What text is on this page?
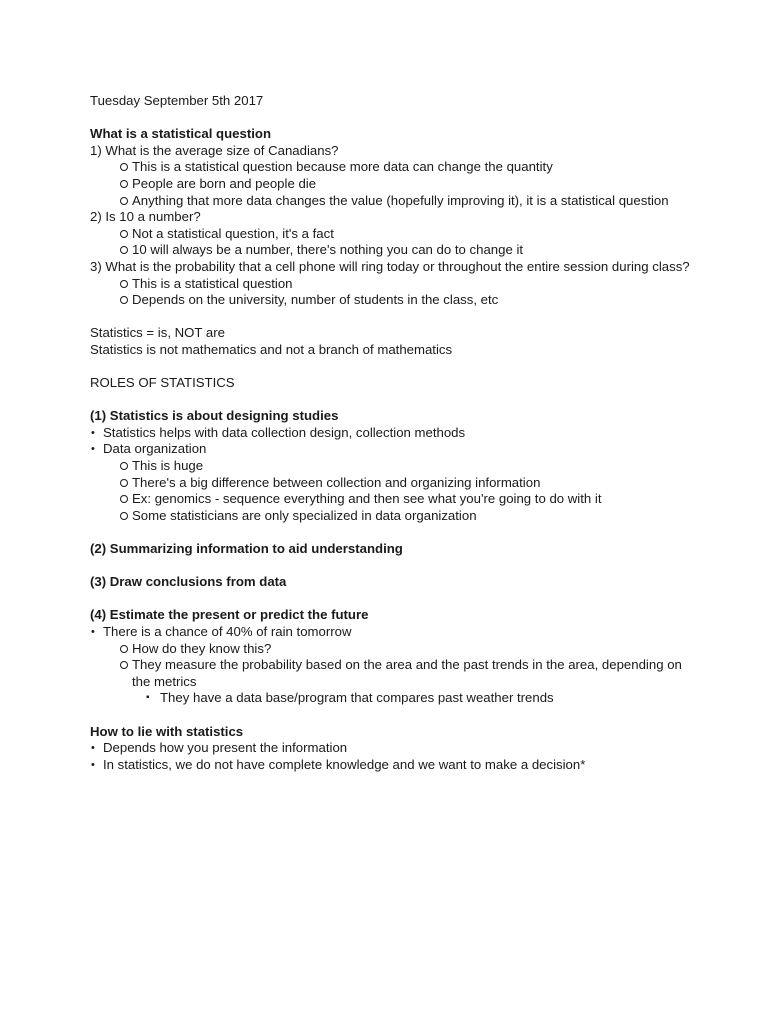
Tuesday September 5th 2017
What is a statistical question
1) What is the average size of Canadians?
This is a statistical question because more data can change the quantity
People are born and people die
Anything that more data changes the value (hopefully improving it), it is a statistical question
2) Is 10 a number?
Not a statistical question, it's a fact
10 will always be a number, there's nothing you can do to change it
3) What is the probability that a cell phone will ring today or throughout the entire session during class?
This is a statistical question
Depends on the university, number of students in the class, etc
Statistics = is, NOT are
Statistics is not mathematics and not a branch of mathematics
ROLES OF STATISTICS
(1) Statistics is about designing studies
• Statistics helps with data collection design, collection methods
• Data organization
This is huge
There's a big difference between collection and organizing information
Ex: genomics - sequence everything and then see what you're going to do with it
Some statisticians are only specialized in data organization
(2) Summarizing information to aid understanding
(3) Draw conclusions from data
(4) Estimate the present or predict the future
• There is a chance of 40% of rain tomorrow
How do they know this?
They measure the probability based on the area and the past trends in the area, depending on the metrics
▪ They have a data base/program that compares past weather trends
How to lie with statistics
• Depends how you present the information
• In statistics, we do not have complete knowledge and we want to make a decision*
